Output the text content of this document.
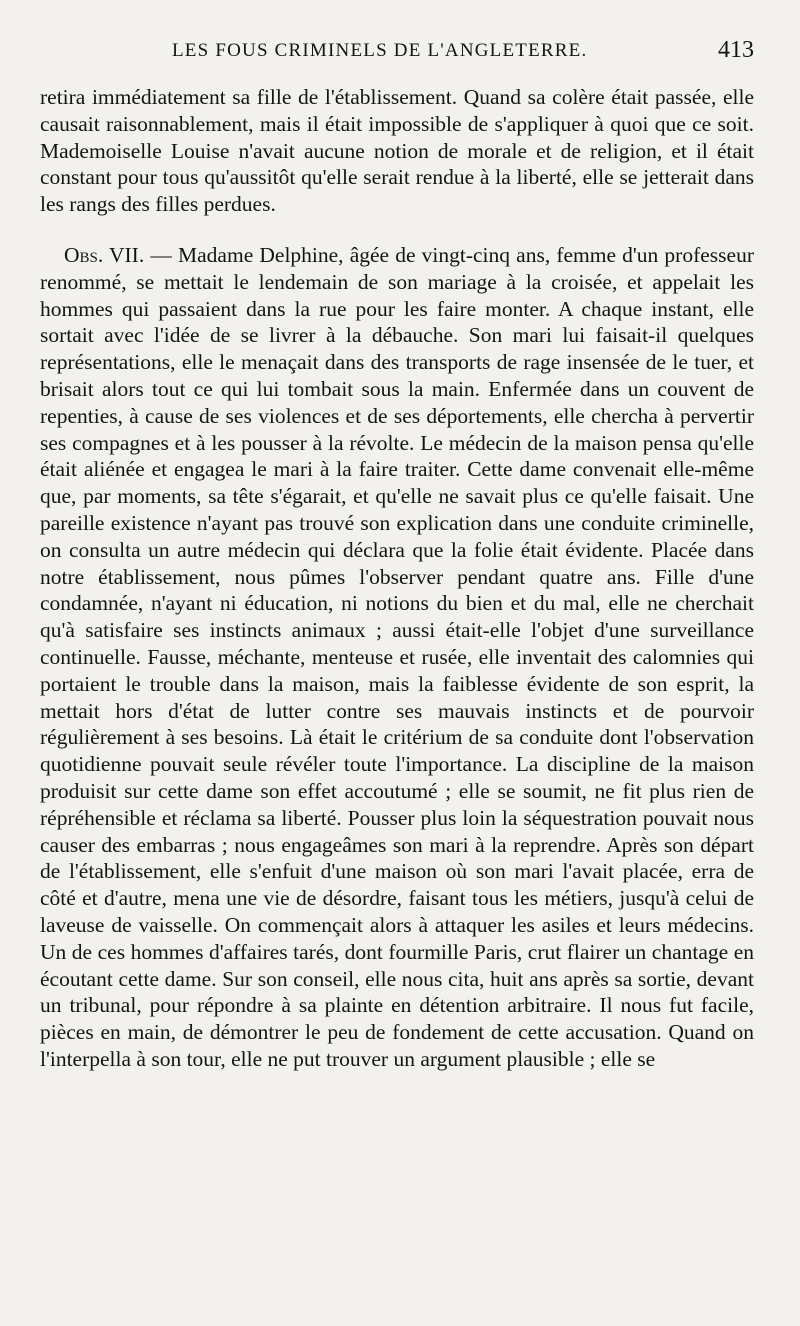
LES FOUS CRIMINELS DE L'ANGLETERRE.	413

retira immédiatement sa fille de l'établissement. Quand sa colère était passée, elle causait raisonnablement, mais il était impossible de s'appliquer à quoi que ce soit. Mademoiselle Louise n'avait aucune notion de morale et de religion, et il était constant pour tous qu'aussitôt qu'elle serait rendue à la liberté, elle se jetterait dans les rangs des filles perdues.

Obs. VII. — Madame Delphine, âgée de vingt-cinq ans, femme d'un professeur renommé, se mettait le lendemain de son mariage à la croisée, et appelait les hommes qui passaient dans la rue pour les faire monter. A chaque instant, elle sortait avec l'idée de se livrer à la débauche. Son mari lui faisait-il quelques représentations, elle le menaçait dans des transports de rage insensée de le tuer, et brisait alors tout ce qui lui tombait sous la main. Enfermée dans un couvent de repenties, à cause de ses violences et de ses déportements, elle chercha à pervertir ses compagnes et à les pousser à la révolte. Le médecin de la maison pensa qu'elle était aliénée et engagea le mari à la faire traiter. Cette dame convenait elle-même que, par moments, sa tête s'égarait, et qu'elle ne savait plus ce qu'elle faisait. Une pareille existence n'ayant pas trouvé son explication dans une conduite criminelle, on consulta un autre médecin qui déclara que la folie était évidente. Placée dans notre établissement, nous pûmes l'observer pendant quatre ans. Fille d'une condamnée, n'ayant ni éducation, ni notions du bien et du mal, elle ne cherchait qu'à satisfaire ses instincts animaux ; aussi était-elle l'objet d'une surveillance continuelle. Fausse, méchante, menteuse et rusée, elle inventait des calomnies qui portaient le trouble dans la maison, mais la faiblesse évidente de son esprit, la mettait hors d'état de lutter contre ses mauvais instincts et de pourvoir régulièrement à ses besoins. Là était le critérium de sa conduite dont l'observation quotidienne pouvait seule révéler toute l'importance. La discipline de la maison produisit sur cette dame son effet accoutumé ; elle se soumit, ne fit plus rien de répréhensible et réclama sa liberté. Pousser plus loin la séquestration pouvait nous causer des embarras ; nous engageâmes son mari à la reprendre. Après son départ de l'établissement, elle s'enfuit d'une maison où son mari l'avait placée, erra de côté et d'autre, mena une vie de désordre, faisant tous les métiers, jusqu'à celui de laveuse de vaisselle. On commençait alors à attaquer les asiles et leurs médecins. Un de ces hommes d'affaires tarés, dont fourmille Paris, crut flairer un chantage en écoutant cette dame. Sur son conseil, elle nous cita, huit ans après sa sortie, devant un tribunal, pour répondre à sa plainte en détention arbitraire. Il nous fut facile, pièces en main, de démontrer le peu de fondement de cette accusation. Quand on l'interpella à son tour, elle ne put trouver un argument plausible ; elle se
